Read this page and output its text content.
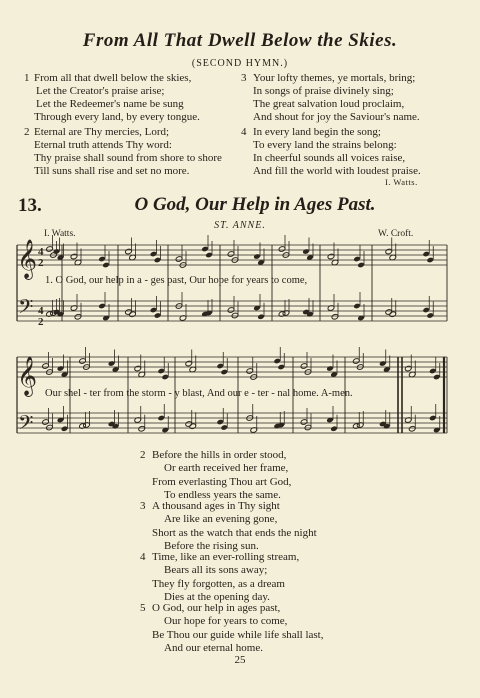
From All That Dwell Below the Skies.
(SECOND HYMN.)
1 From all that dwell below the skies,
Let the Creator's praise arise;
Let the Redeemer's name be sung
Through every land, by every tongue.
2 Eternal are Thy mercies, Lord;
Eternal truth attends Thy word:
Thy praise shall sound from shore to shore
Till suns shall rise and set no more.
3 Your lofty themes, ye mortals, bring;
In songs of praise divinely sing;
The great salvation loud proclaim,
And shout for joy the Saviour's name.
4 In every land begin the song;
To every land the strains belong:
In cheerful sounds all voices raise,
And fill the world with loudest praise.
I. Watts.
13.	O God, Our Help in Ages Past.
ST. ANNE.
I. Watts.	W. Croft.
𝄞
𝄢
𝄞
𝄢
4
2
4
2
1. O God, our help in a - ges past, Our hope for years to come,
Our shel - ter from the storm - y blast, And our e - ter - nal home. A-men.
2 Before the hills in order stood,
Or earth received her frame,
From everlasting Thou art God,
To endless years the same.
3 A thousand ages in Thy sight
Are like an evening gone,
Short as the watch that ends the night
Before the rising sun.
4 Time, like an ever-rolling stream,
Bears all its sons away;
They fly forgotten, as a dream
Dies at the opening day.
5 O God, our help in ages past,
Our hope for years to come,
Be Thou our guide while life shall last,
And our eternal home.
25
